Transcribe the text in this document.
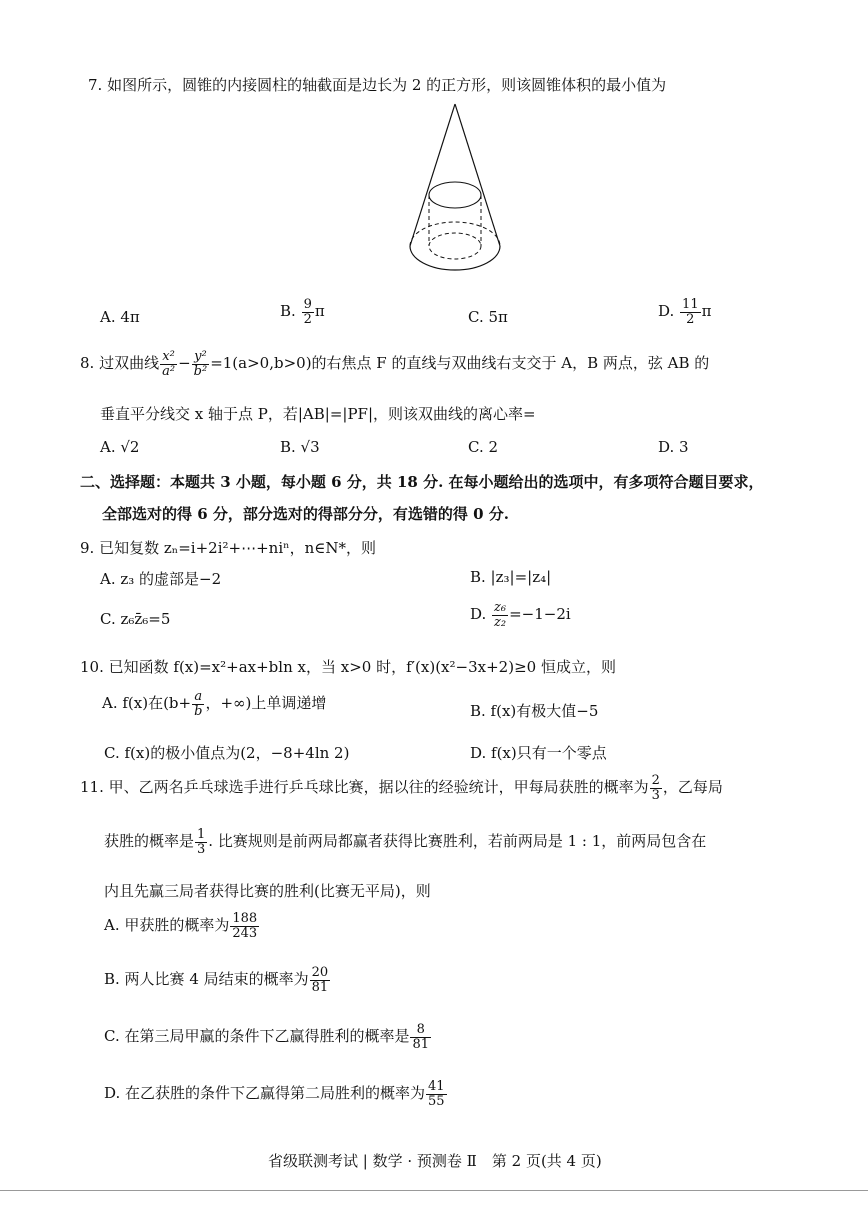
7. 如图所示，圆锥的内接圆柱的轴截面是边长为 2 的正方形，则该圆锥体积的最小值为
A. 4π	B. $\frac{9}{2}$ π	C. 5π	D. $\frac{11}{2}$ π
8. 过双曲线 $\frac{\text{x²}}{\text{a²}} - \frac{\text{y²}}{\text{b²}} =1(a>0,b>0)$的右焦点 F 的直线与双曲线右支交于 A，B 两点，弦 AB 的
垂直平分线交 x 轴于点 P，若|AB|=|PF|，则该双曲线的离心率=
A. √2	B. √3	C. 2	D. 3
二、选择题：本题共 3 小题，每小题 6 分，共 18 分. 在每小题给出的选项中，有多项符合题目要求，
全部选对的得 6 分，部分选对的得部分分，有选错的得 0 分.
9. 已知复数 zₙ=i+2i²+⋯+niⁿ，n∈N*，则
A. z₃ 的虚部是−2	B. |z₃|=|z₄|
C. z₆z̄₆=5	D. $\frac{\text{z₆}}{\text{z₂}} =-1-2i$
10. 已知函数 f(x)=x²+ax+bln x，当 x>0 时，f′(x)(x²−3x+2)≥0 恒成立，则
A. f(x)在($b+ \frac{a}{b}$ ，+∞)上单调递增	B. f(x)有极大值−5
C. f(x)的极小值点为(2，−8+4ln 2)	D. f(x)只有一个零点
11. 甲、乙两名乒乓球选手进行乒乓球比赛，据以往的经验统计，甲每局获胜的概率为 $\frac{2}{3}$ ，乙每局
获胜的概率是 $\frac{1}{3}$ . 比赛规则是前两局都赢者获得比赛胜利，若前两局是 1 : 1，前两局包含在
内且先赢三局者获得比赛的胜利(比赛无平局)，则
A. 甲获胜的概率为 $\frac{188}{243}$
B. 两人比赛 4 局结束的概率为 $\frac{20}{81}$
C. 在第三局甲赢的条件下乙赢得胜利的概率是 $\frac{8}{81}$
D. 在乙获胜的条件下乙赢得第二局胜利的概率为 $\frac{41}{55}$
省级联测考试 | 数学 · 预测卷 Ⅱ　第 2 页(共 4 页)
